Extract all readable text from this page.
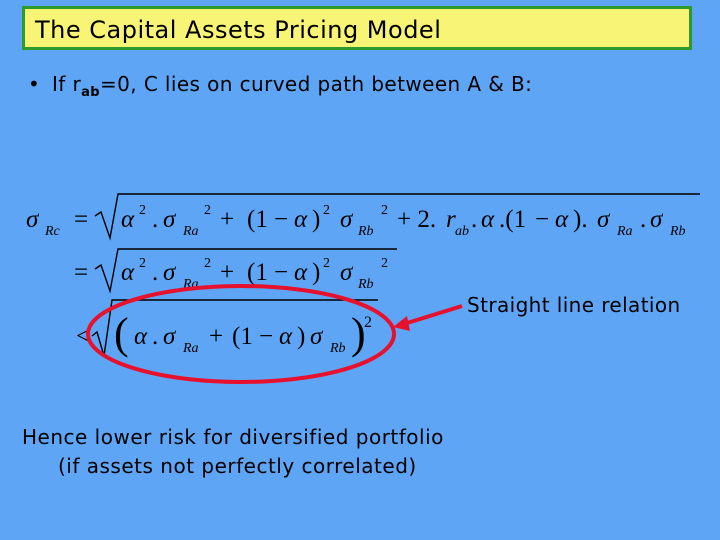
The Capital Assets Pricing Model
• If $r_{ab}=0$, C lies on curved path between A & B:
σ Rc = α 2 . σ Ra
2 + (1 − α ) 2 σ Rb
2 + 2. r ab . α .(1 − α ). σ Ra . σ Rb
= α 2 . σ Ra
2 + (1 − α ) 2 σ Rb
2
< ( α . σ Ra + (1 − α ) σ Rb )
2
Straight line relation
Hence lower risk for diversified portfolio
(if assets not perfectly correlated)
